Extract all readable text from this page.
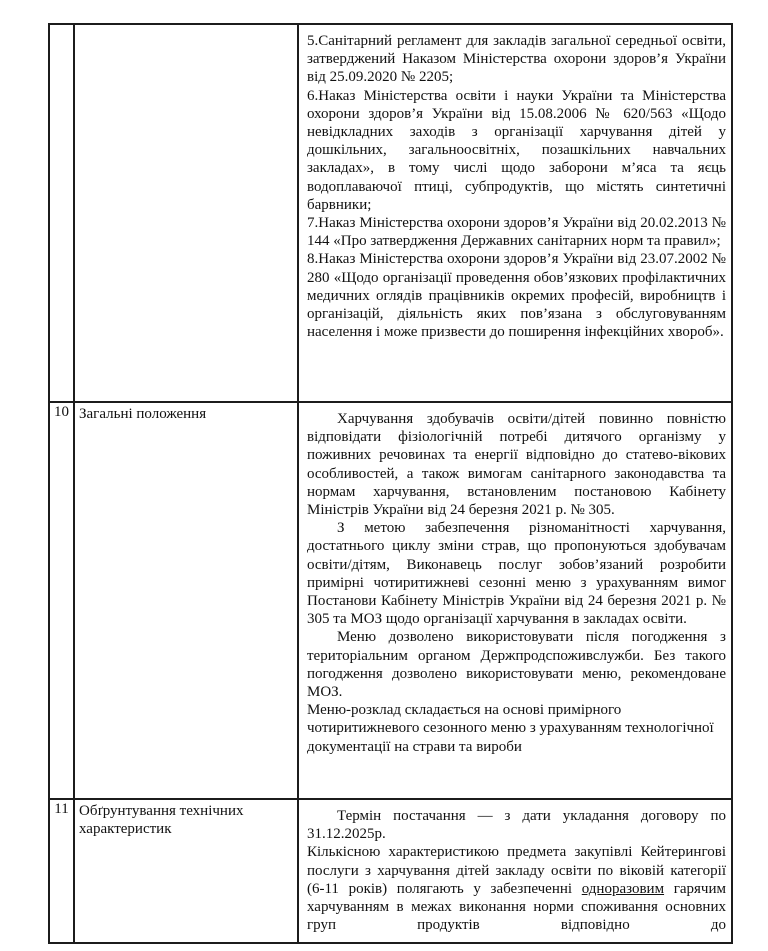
		5.Санітарний регламент для закладів загальної середньої освіти, затверджений Наказом Міністерства охорони здоров’я України від 25.09.2020 № 2205;

6.Наказ Міністерства освіти і науки України та Міністерства охорони здоров’я України від 15.08.2006 № 620/563 «Щодо невідкладних заходів з організації харчування дітей у дошкільних, загальноосвітніх, позашкільних навчальних закладах», в тому числі щодо заборони м’яса та яєць водоплаваючої птиці, субпродуктів, що містять синтетичні барвники;

7.Наказ Міністерства охорони здоров’я України від 20.02.2013 № 144 «Про затвердження Державних санітарних норм та правил»;

8.Наказ Міністерства охорони здоров’я України від 23.07.2002 № 280 «Щодо організації проведення обов’язкових профілактичних медичних оглядів працівників окремих професій, виробництв і організацій, діяльність яких пов’язана з обслуговуванням населення і може призвести до поширення інфекційних хвороб».

10	Загальні положення	Харчування здобувачів освіти/дітей повинно повністю відповідати фізіологічній потребі дитячого організму у поживних речовинах та енергії відповідно до статево-вікових особливостей, а також вимогам санітарного законодавства та нормам харчування, встановленим постановою Кабінету Міністрів України від 24 березня 2021 р. № 305.

З метою забезпечення різноманітності харчування, достатнього циклу зміни страв, що пропонуються здобувачам освіти/дітям, Виконавець послуг зобов’язаний розробити примірні чотиритижневі сезонні меню з урахуванням вимог Постанови Кабінету Міністрів України від 24 березня 2021 р. № 305 та МОЗ щодо організації харчування в закладах освіти.

Меню дозволено використовувати після погодження з територіальним органом Держпродспоживслужби. Без такого погодження дозволено використовувати меню, рекомендоване МОЗ.

Меню-розклад складається на основі примірного чотиритижневого сезонного меню з урахуванням технологічної документації на страви та вироби

11	Обґрунтування технічних характеристик	Термін постачання — з дати укладання договору по 31.12.2025р.

Кількісною характеристикою предмета закупівлі Кейтерингові послуги з харчування дітей закладу освіти по віковій категорії (6-11 років) полягають у забезпеченні одноразовим гарячим харчуванням в межах виконання норми споживання основних груп продуктів відповідно до
